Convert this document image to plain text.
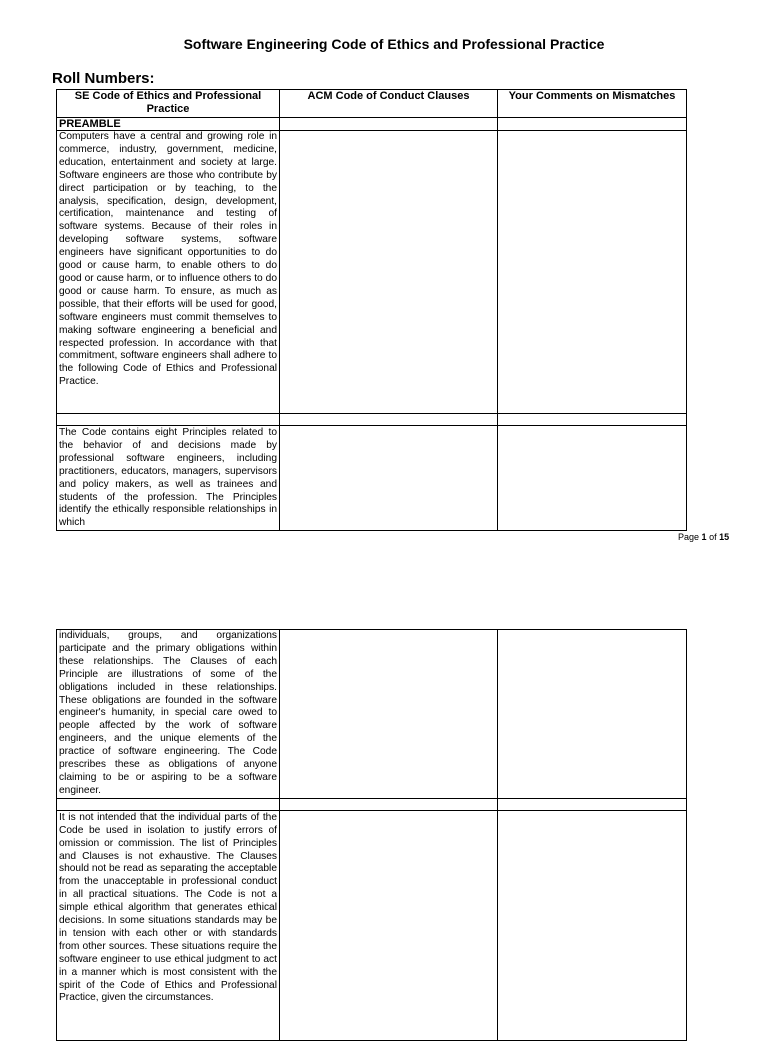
Software Engineering Code of Ethics and Professional Practice
Roll Numbers:
SE Code of Ethics and Professional Practice	ACM Code of Conduct Clauses	Your Comments on Mismatches
PREAMBLE		
Computers have a central and growing role in commerce, industry, government, medicine, education, entertainment and society at large. Software engineers are those who contribute by direct participation or by teaching, to the analysis, specification, design, development, certification, maintenance and testing of software systems. Because of their roles in developing software systems, software engineers have significant opportunities to do good or cause harm, to enable others to do good or cause harm, or to influence others to do good or cause harm. To ensure, as much as possible, that their efforts will be used for good, software engineers must commit themselves to making software engineering a beneficial and respected profession. In accordance with that commitment, software engineers shall adhere to the following Code of Ethics and Professional Practice.		

The Code contains eight Principles related to the behavior of and decisions made by professional software engineers, including practitioners, educators, managers, supervisors and policy makers, as well as trainees and students of the profession. The Principles identify the ethically responsible relationships in which		
Page 1 of 15
individuals, groups, and organizations participate and the primary obligations within these relationships. The Clauses of each Principle are illustrations of some of the obligations included in these relationships. These obligations are founded in the software engineer's humanity, in special care owed to people affected by the work of software engineers, and the unique elements of the practice of software engineering. The Code prescribes these as obligations of anyone claiming to be or aspiring to be a software engineer.		

It is not intended that the individual parts of the Code be used in isolation to justify errors of omission or commission. The list of Principles and Clauses is not exhaustive. The Clauses should not be read as separating the acceptable from the unacceptable in professional conduct in all practical situations. The Code is not a simple ethical algorithm that generates ethical decisions. In some situations standards may be in tension with each other or with standards from other sources. These situations require the software engineer to use ethical judgment to act in a manner which is most consistent with the spirit of the Code of Ethics and Professional Practice, given the circumstances.		
